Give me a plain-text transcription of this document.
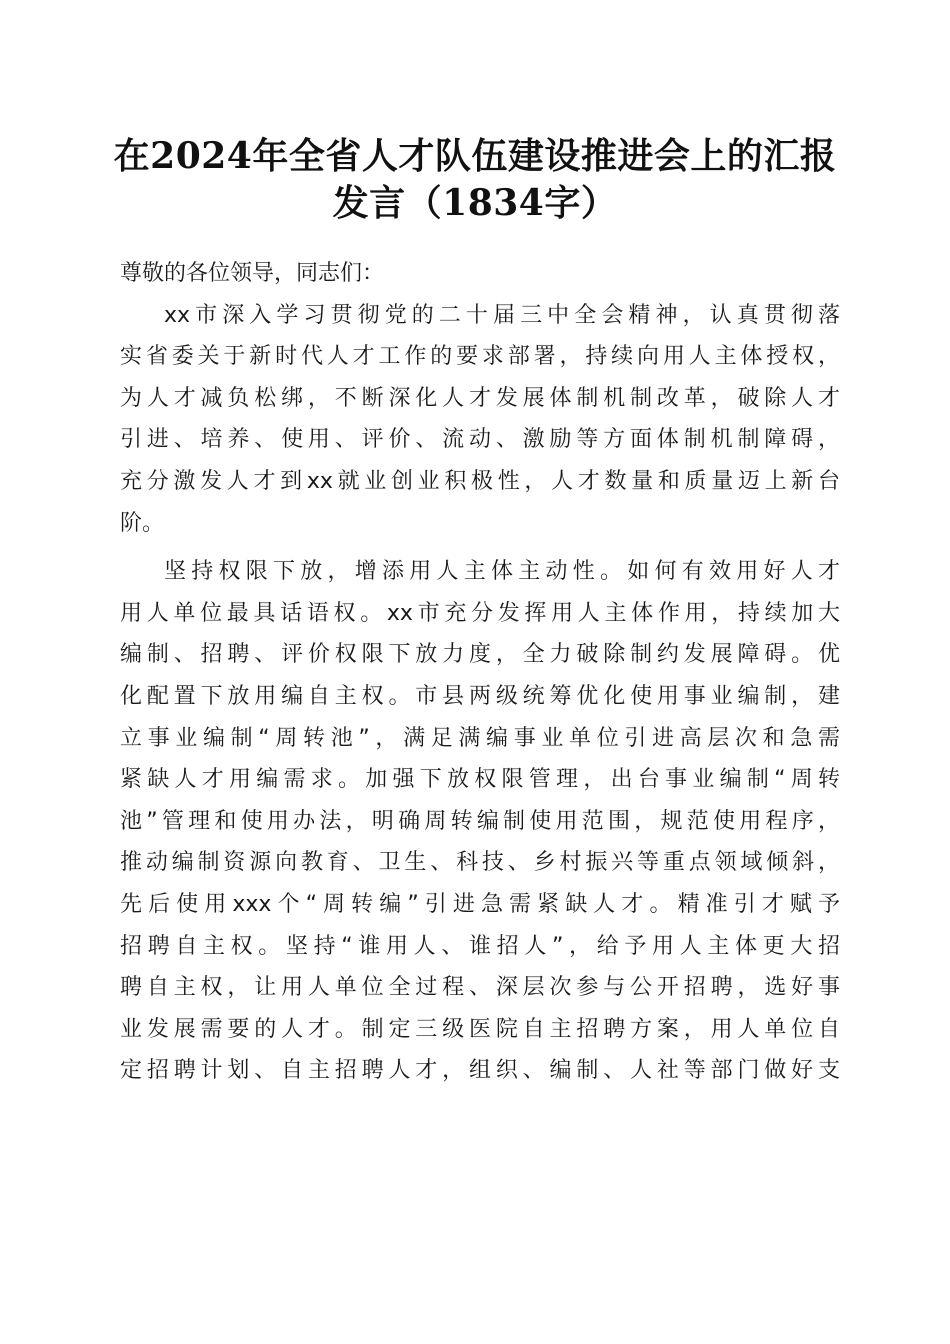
在2024年全省人才队伍建设推进会上的汇报
发言（1834字）
尊敬的各位领导，同志们：
xx市深入学习贯彻党的二十届三中全会精神，认真贯彻落
实省委关于新时代人才工作的要求部署，持续向用人主体授权，
为人才减负松绑，不断深化人才发展体制机制改革，破除人才
引进、培养、使用、评价、流动、激励等方面体制机制障碍，
充分激发人才到xx就业创业积极性，人才数量和质量迈上新台
阶。
坚持权限下放，增添用人主体主动性。如何有效用好人才
用人单位最具话语权。xx市充分发挥用人主体作用，持续加大
编制、招聘、评价权限下放力度，全力破除制约发展障碍。优
化配置下放用编自主权。市县两级统筹优化使用事业编制，建
立事业编制“周转池”，满足满编事业单位引进高层次和急需
紧缺人才用编需求。加强下放权限管理，出台事业编制“周转
池”管理和使用办法，明确周转编制使用范围，规范使用程序，
推动编制资源向教育、卫生、科技、乡村振兴等重点领域倾斜，
先后使用xxx个“周转编”引进急需紧缺人才。精准引才赋予
招聘自主权。坚持“谁用人、谁招人”，给予用人主体更大招
聘自主权，让用人单位全过程、深层次参与公开招聘，选好事
业发展需要的人才。制定三级医院自主招聘方案，用人单位自
定招聘计划、自主招聘人才，组织、编制、人社等部门做好支
